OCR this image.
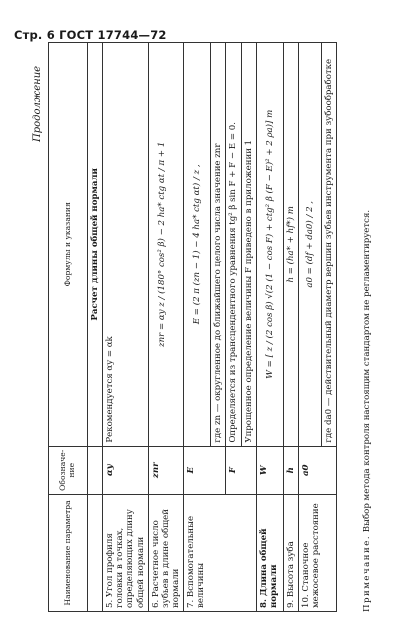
Стр. 6 ГОСТ 17744—72
Продолжение
Наименование параметра	Обозначе-ние	Формулы и указания
		Расчет длины общей нормали
5. Угол профиля головки в точках, определяющих длину общей нормали	αy	Рекомендуется αy = αk
6. Расчетное число зубьев в длине общей нормали	znr	znr = αy z / (180° cos² β) − 2 ha* ctg αt / π + 1
7. Вспомогательные величины	E	E = (2 π (zn − 1) − 4 ha* ctg αt) / z ,
		где zn — округленное до ближайшего целого числа значение znr
	F	Определяется из трансцендентного уравнения tg² β sin F + F − E = 0.
		Упрощенное определение величины F приведено в приложении 1
8. Длина общей нормали	W	W = [ z / (2 cos β) √(2 (1 − cos F) + ctg² β (F − E)² + 2 ρa)] m
9. Высота зуба	h	h = (ha* + hf*) m
10. Станочное межосевое расстояние	a0	a0 = (df + da0) / 2 ,
		где da0 — действительный диаметр вершин зубьев инструмента при зубообработке
Примечание. Выбор метода контроля настоящим стандартом не регламентируется.
